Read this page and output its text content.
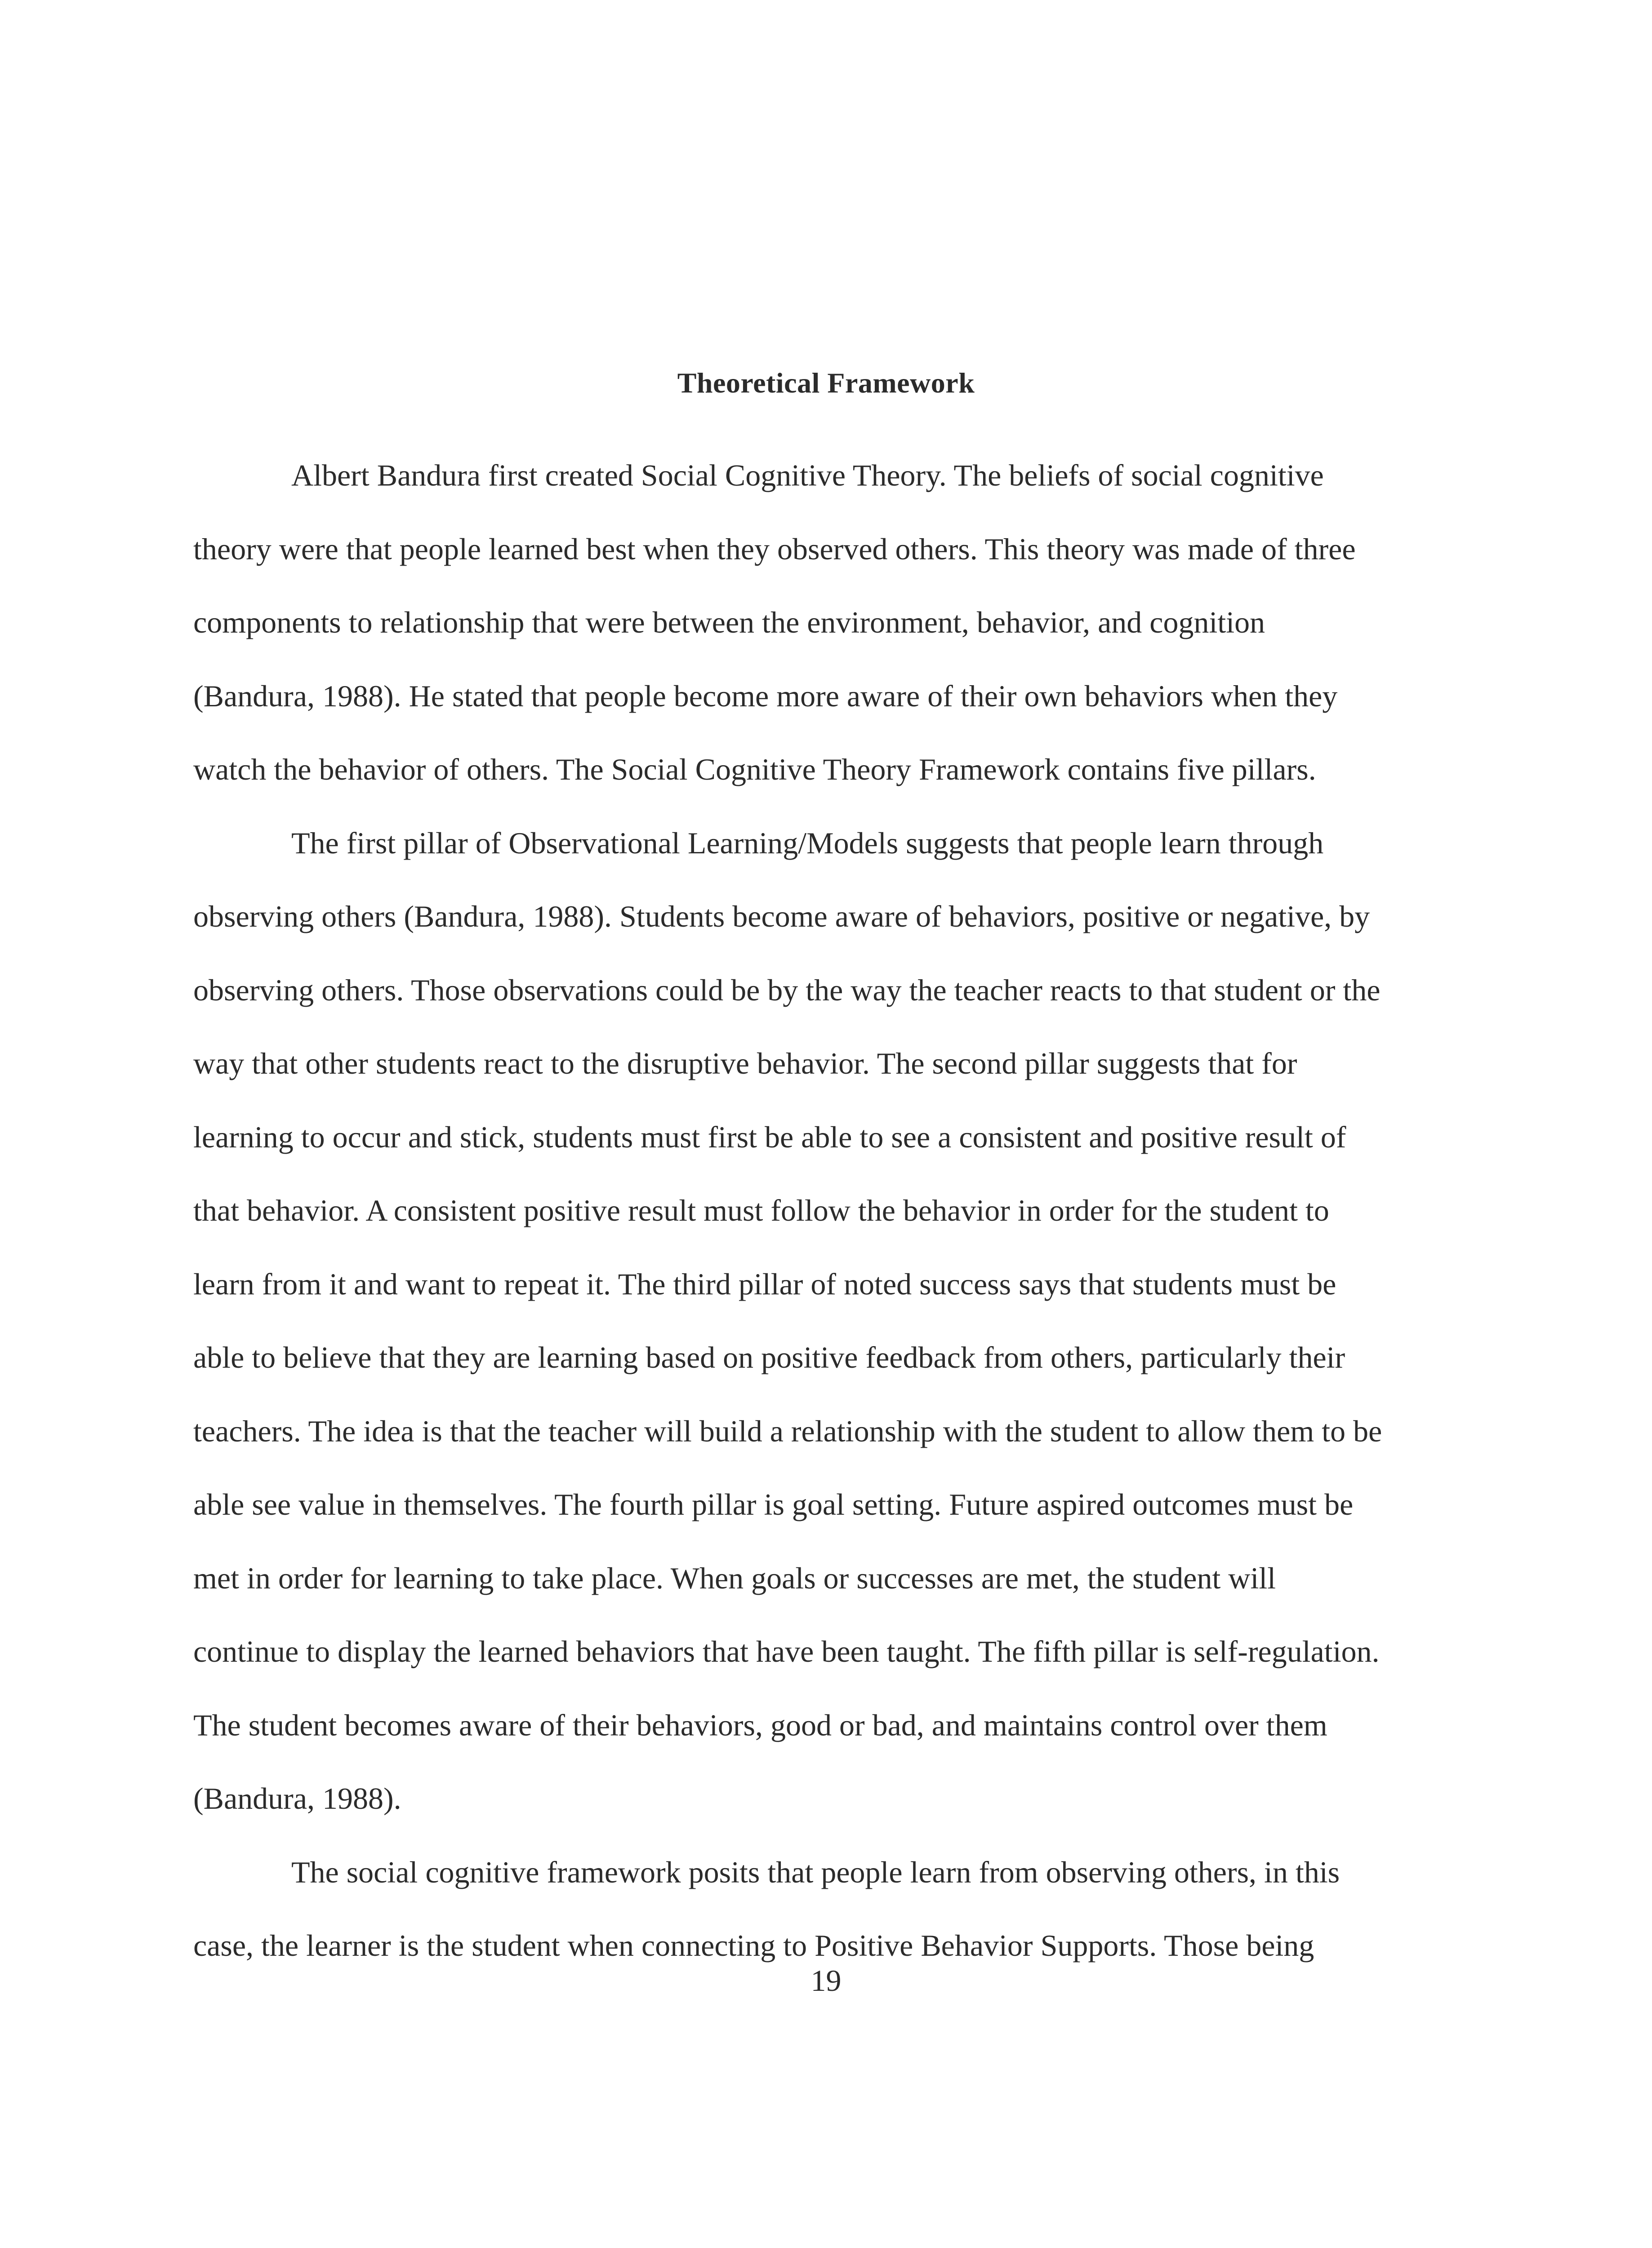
Theoretical Framework
Albert Bandura first created Social Cognitive Theory. The beliefs of social cognitive
theory were that people learned best when they observed others. This theory was made of three
components to relationship that were between the environment, behavior, and cognition
(Bandura, 1988). He stated that people become more aware of their own behaviors when they
watch the behavior of others. The Social Cognitive Theory Framework contains five pillars.
The first pillar of Observational Learning/Models suggests that people learn through
observing others (Bandura, 1988). Students become aware of behaviors, positive or negative, by
observing others. Those observations could be by the way the teacher reacts to that student or the
way that other students react to the disruptive behavior. The second pillar suggests that for
learning to occur and stick, students must first be able to see a consistent and positive result of
that behavior. A consistent positive result must follow the behavior in order for the student to
learn from it and want to repeat it. The third pillar of noted success says that students must be
able to believe that they are learning based on positive feedback from others, particularly their
teachers. The idea is that the teacher will build a relationship with the student to allow them to be
able see value in themselves. The fourth pillar is goal setting. Future aspired outcomes must be
met in order for learning to take place. When goals or successes are met, the student will
continue to display the learned behaviors that have been taught. The fifth pillar is self-regulation.
The student becomes aware of their behaviors, good or bad, and maintains control over them
(Bandura, 1988).
The social cognitive framework posits that people learn from observing others, in this
case, the learner is the student when connecting to Positive Behavior Supports. Those being
19
